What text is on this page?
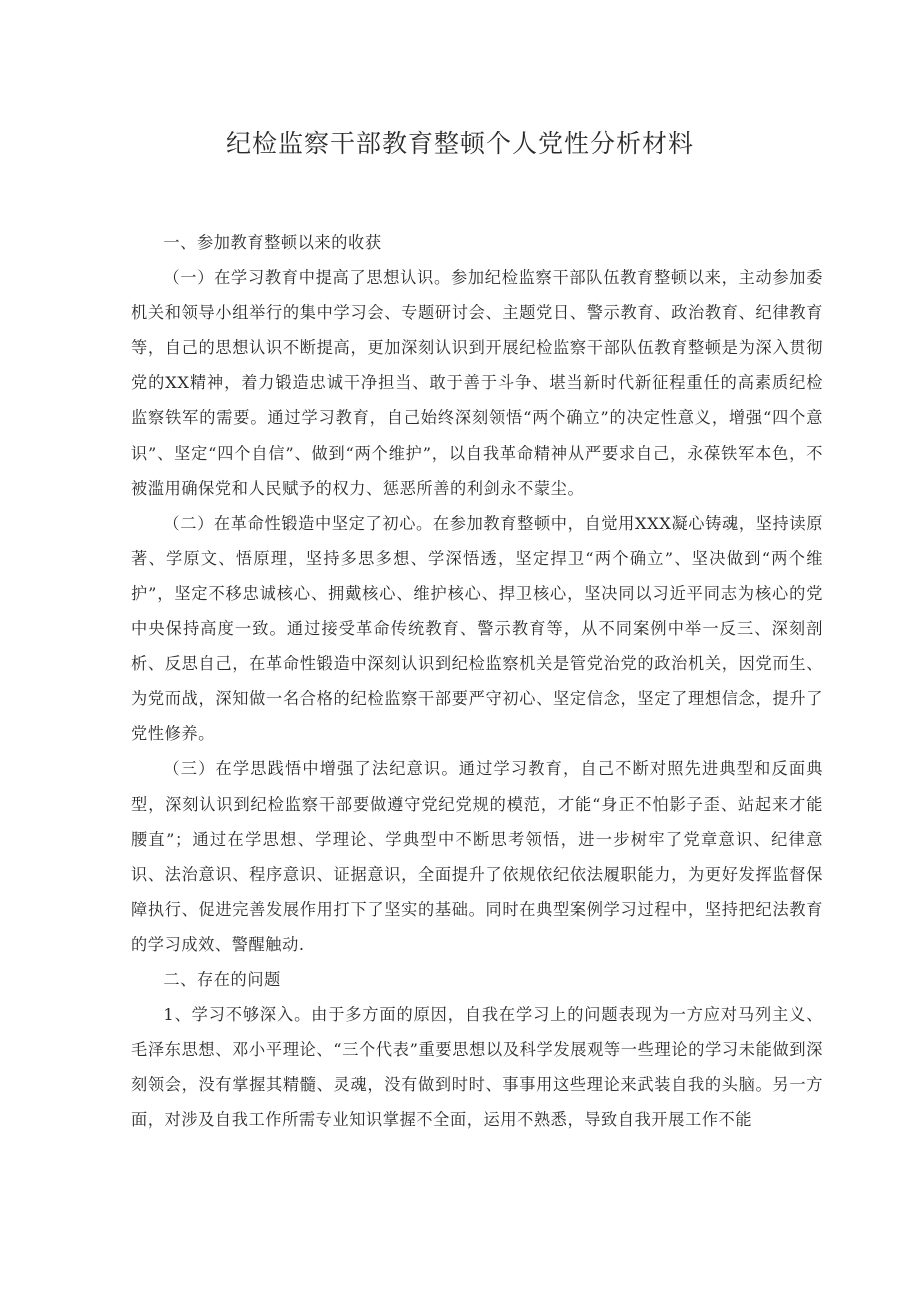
纪检监察干部教育整顿个人党性分析材料

一、参加教育整顿以来的收获

（一）在学习教育中提高了思想认识。参加纪检监察干部队伍教育整顿以来，主动参加委机关和领导小组举行的集中学习会、专题研讨会、主题党日、警示教育、政治教育、纪律教育等，自己的思想认识不断提高，更加深刻认识到开展纪检监察干部队伍教育整顿是为深入贯彻党的XX精神，着力锻造忠诚干净担当、敢于善于斗争、堪当新时代新征程重任的高素质纪检监察铁军的需要。通过学习教育，自己始终深刻领悟“两个确立”的决定性意义，增强“四个意识”、坚定“四个自信”、做到“两个维护”，以自我革命精神从严要求自己，永葆铁军本色，不被滥用确保党和人民赋予的权力、惩恶所善的利剑永不蒙尘。

（二）在革命性锻造中坚定了初心。在参加教育整顿中，自觉用XXX凝心铸魂，坚持读原著、学原文、悟原理，坚持多思多想、学深悟透，坚定捍卫“两个确立”、坚决做到“两个维护”，坚定不移忠诚核心、拥戴核心、维护核心、捍卫核心，坚决同以习近平同志为核心的党中央保持高度一致。通过接受革命传统教育、警示教育等，从不同案例中举一反三、深刻剖析、反思自己，在革命性锻造中深刻认识到纪检监察机关是管党治党的政治机关，因党而生、为党而战，深知做一名合格的纪检监察干部要严守初心、坚定信念，坚定了理想信念，提升了党性修养。

（三）在学思践悟中增强了法纪意识。通过学习教育，自己不断对照先进典型和反面典型，深刻认识到纪检监察干部要做遵守党纪党规的模范，才能“身正不怕影子歪、站起来才能腰直”；通过在学思想、学理论、学典型中不断思考领悟，进一步树牢了党章意识、纪律意识、法治意识、程序意识、证据意识，全面提升了依规依纪依法履职能力，为更好发挥监督保障执行、促进完善发展作用打下了坚实的基础。同时在典型案例学习过程中，坚持把纪法教育的学习成效、警醒触动.

二、存在的问题

1、学习不够深入。由于多方面的原因，自我在学习上的问题表现为一方应对马列主义、毛泽东思想、邓小平理论、“三个代表”重要思想以及科学发展观等一些理论的学习未能做到深刻领会，没有掌握其精髓、灵魂，没有做到时时、事事用这些理论来武装自我的头脑。另一方面，对涉及自我工作所需专业知识掌握不全面，运用不熟悉，导致自我开展工作不能
